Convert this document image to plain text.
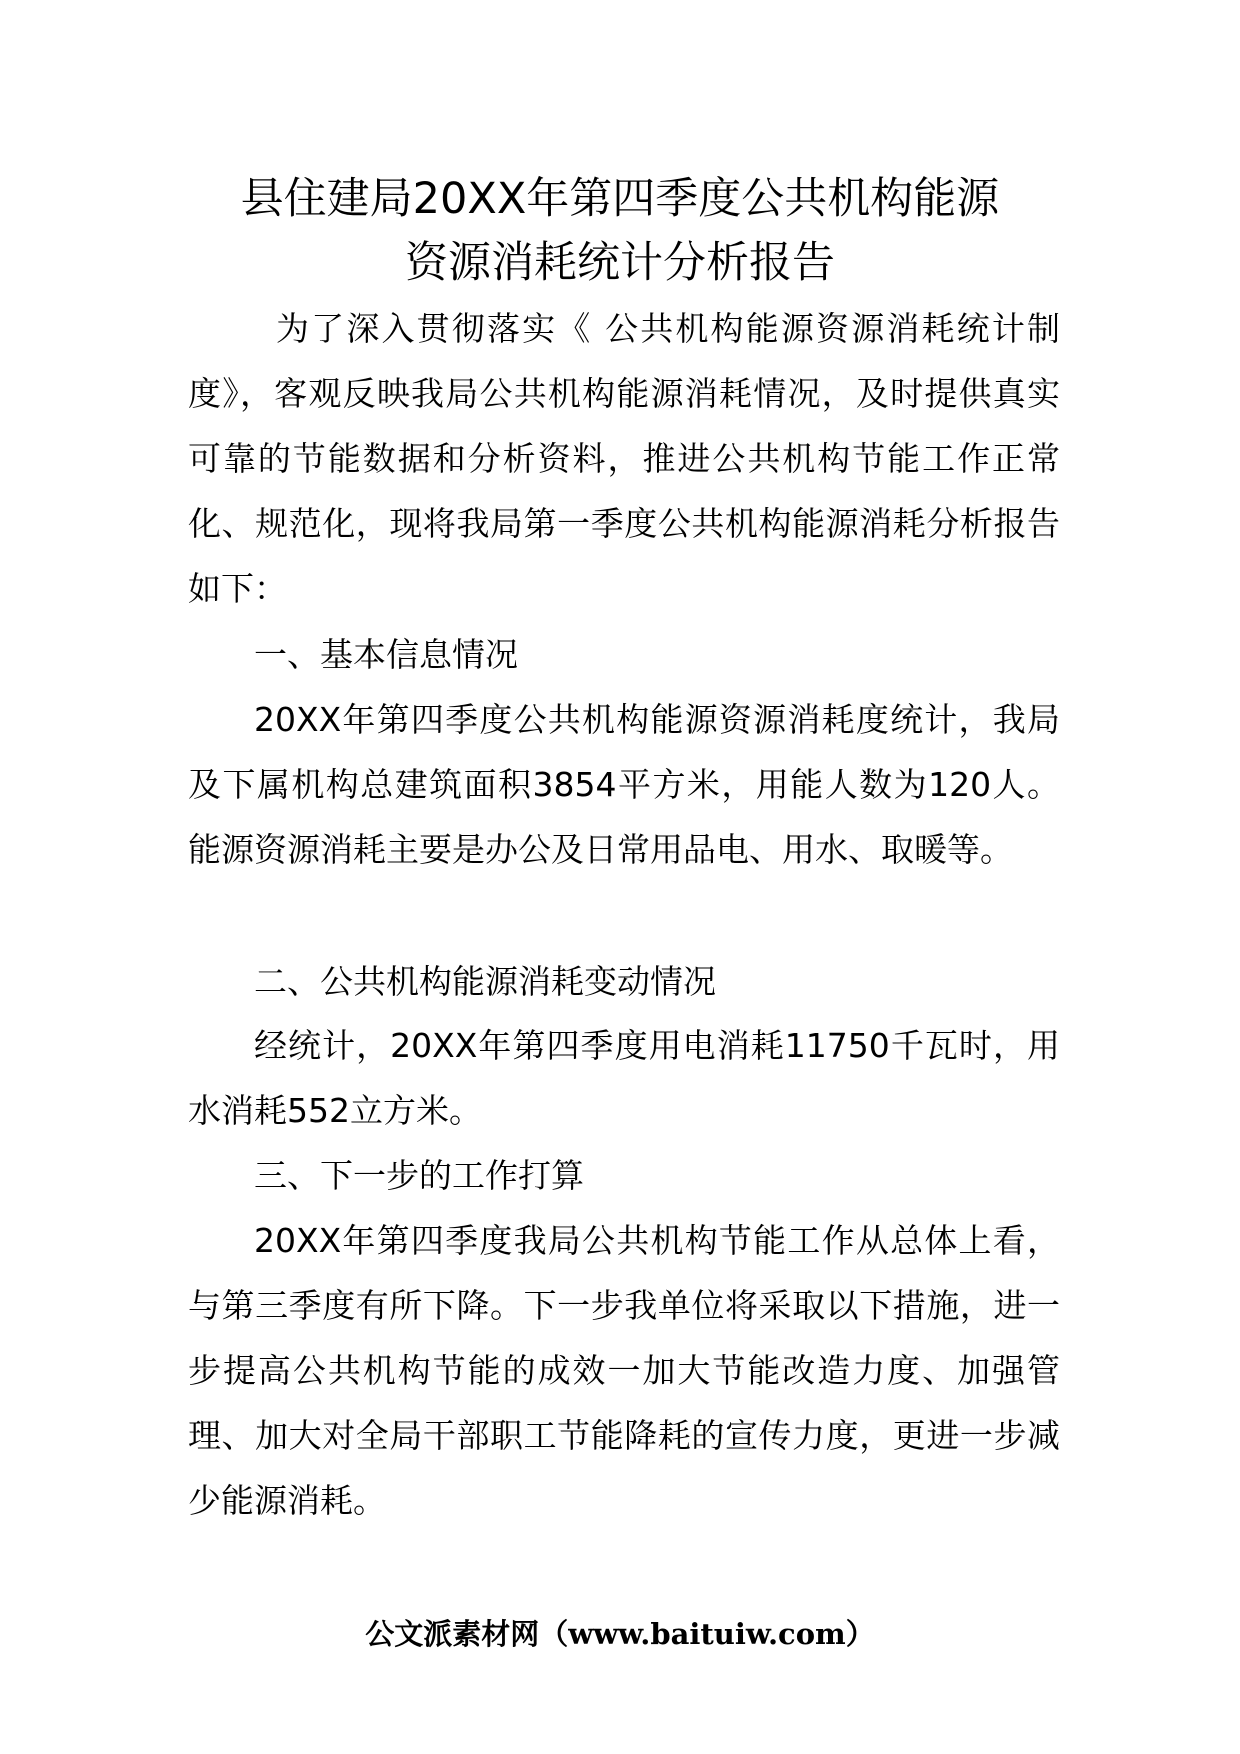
县住建局20XX年第四季度公共机构能源
资源消耗统计分析报告

为了深入贯彻落实《 公共机构能源资源消耗统计制度》，客观反映我局公共机构能源消耗情况，及时提供真实可靠的节能数据和分析资料，推进公共机构节能工作正常化、规范化，现将我局第一季度公共机构能源消耗分析报告如下：

一、基本信息情况

20XX年第四季度公共机构能源资源消耗度统计，我局及下属机构总建筑面积3854平方米，用能人数为120人。能源资源消耗主要是办公及日常用品电、用水、取暖等。

二、公共机构能源消耗变动情况

经统计，20XX年第四季度用电消耗11750千瓦时，用水消耗552立方米。

三、下一步的工作打算

20XX年第四季度我局公共机构节能工作从总体上看，与第三季度有所下降。下一步我单位将采取以下措施，进一步提高公共机构节能的成效一加大节能改造力度、加强管理、加大对全局干部职工节能降耗的宣传力度，更进一步减少能源消耗。

公文派素材网（www.baituiw.com）
